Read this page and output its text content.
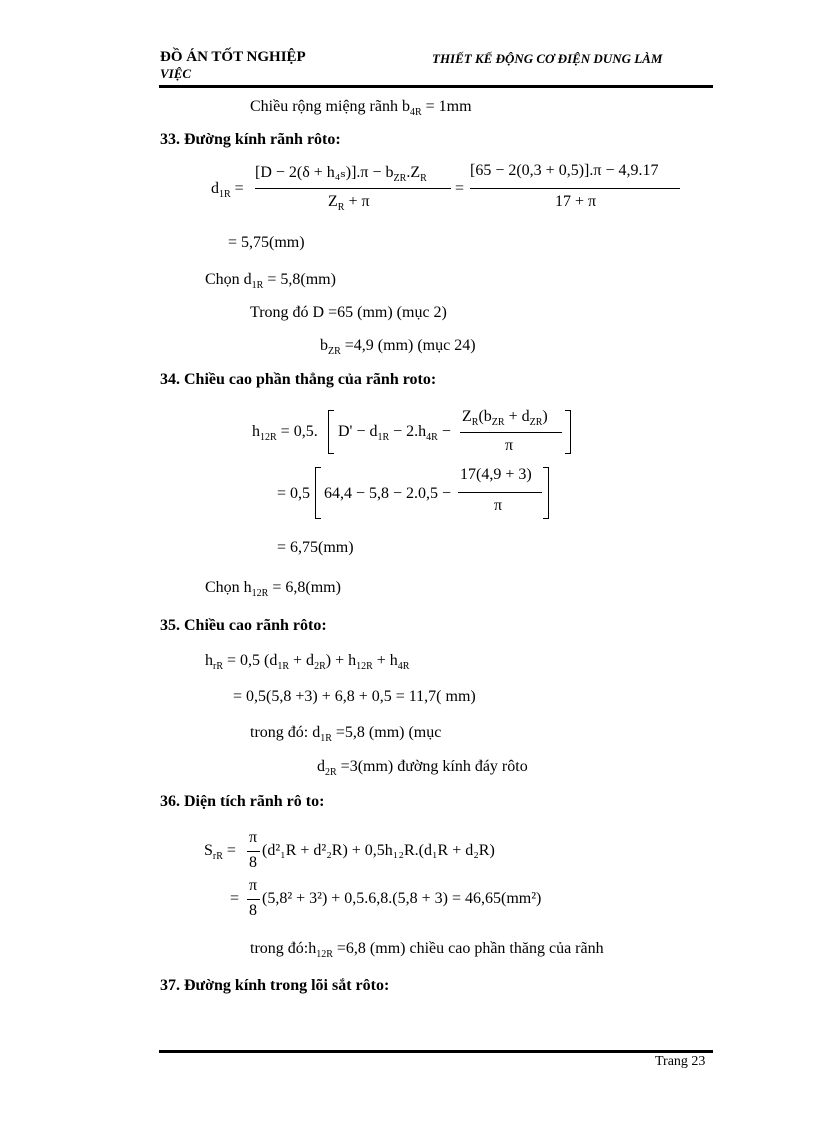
ĐỒ ÁN TỐT NGHIỆP
VIỆC
THIẾT KẾ ĐỘNG CƠ ĐIỆN DUNG LÀM
Chiều rộng miệng rãnh $b_{4R} = 1mm$
33. Đường kính rãnh rôto:
$d_{1R}$ =
$[D - 2(\delta + h_{4s})].\pi - b_{ZR}.Z_R$
$Z_R + \pi$
=
[65 − 2(0,3 + 0,5)].π − 4,9.17
17 + π
= 5,75(mm)
Chọn $d_{1R} = 5,8(mm)$
Trong đó D =65 (mm) (mục 2)
$b_{ZR} =4,9$ (mm) (mục 24)
34. Chiều cao phần thẳng của rãnh roto:
$h_{12R} = 0,5$. $D' - d_{1R} - 2.h_{4R}$ −
$Z_R(b_{ZR} + d_{ZR})$
π
= 0,5 64,4 − 5,8 − 2.0,5 −
17(4,9 + 3)
π
= 6,75(mm)
Chọn $h_{12R} = 6,8(mm)$
35. Chiều cao rãnh rôto:
$h_{rR} = 0,5$ $(d_{1R} + d_{2R}) + h_{12R} + h_{4R}$
= 0,5(5,8 +3) + 6,8 + 0,5 = 11,7( mm)
trong đó: $d_{1R} =5,8$ (mm) (mục
$d_{2R} =3(mm)$ đường kính đáy rôto
36. Diện tích rãnh rô to:
$S_{rR}$ =
π
8
(d²₁R + d²₂R) + 0,5h₁₂R.(d₁R + d₂R)
=
π
8
(5,8² + 3²) + 0,5.6,8.(5,8 + 3) = 46,65(mm²)
trong $đó:h_{12R} =6,8$ (mm) chiều cao phần thăng của rãnh
37. Đường kính trong lõi sắt rôto:
Trang 23
